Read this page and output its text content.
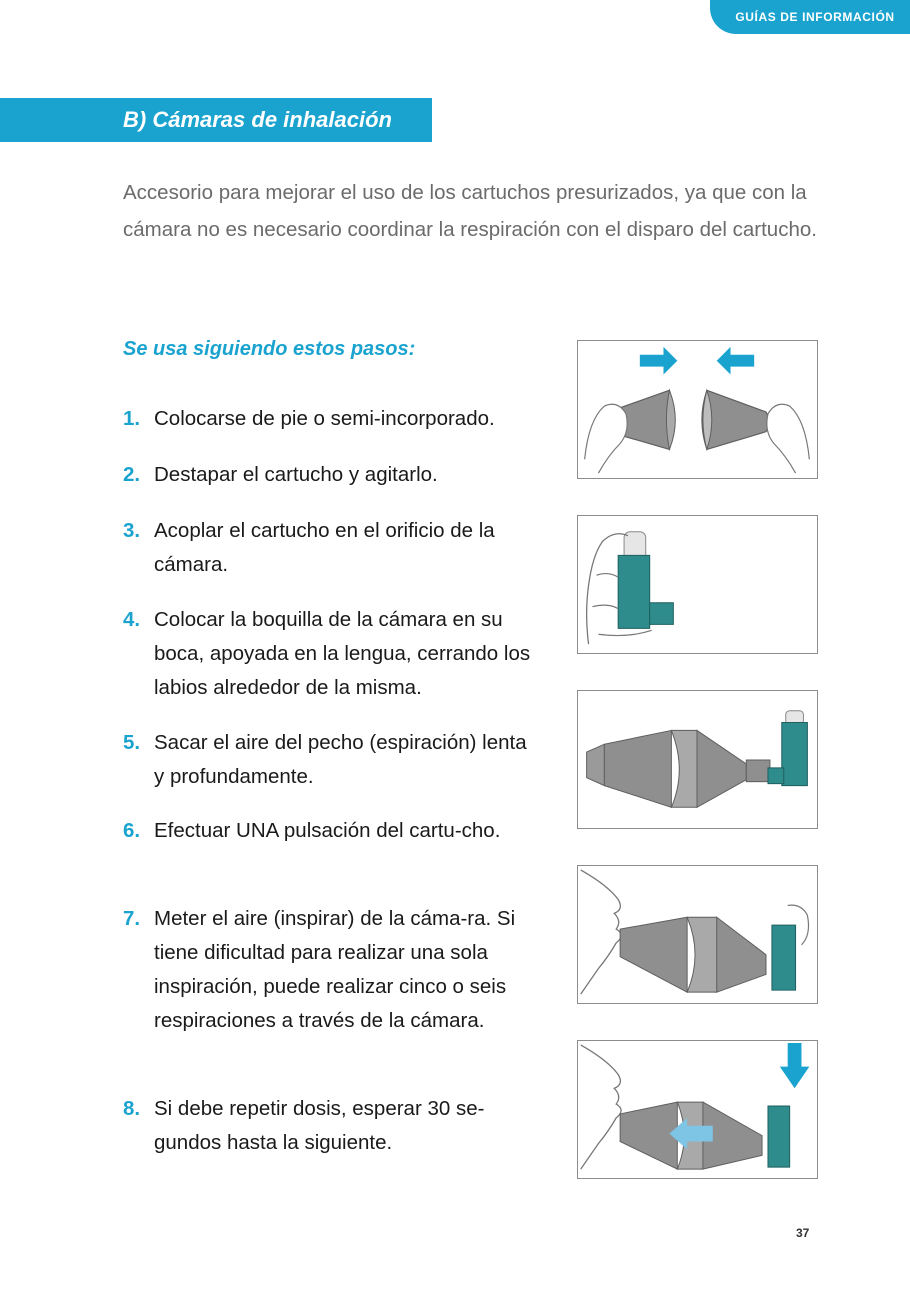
GUÍAS DE INFORMACIÓN
B) Cámaras de inhalación

Accesorio para mejorar el uso de los cartuchos presurizados, ya que con la cámara no es necesario coordinar la respiración con el disparo del cartucho.

Se usa siguiendo estos pasos:
1. Colocarse de pie o semi-incorporado.
2. Destapar el cartucho y agitarlo.
3. Acoplar el cartucho en el orificio de la cámara.
4. Colocar la boquilla de la cámara en su boca, apoyada en la lengua, cerrando los labios alrededor de la misma.
5. Sacar el aire del pecho (espiración) lenta y profundamente.
6. Efectuar UNA pulsación del cartu-cho.
7. Meter el aire (inspirar) de la cáma-ra. Si tiene dificultad para realizar una sola inspiración, puede realizar cinco o seis respiraciones a través de la cámara.
8. Si debe repetir dosis, esperar 30 se-gundos hasta la siguiente.
37
